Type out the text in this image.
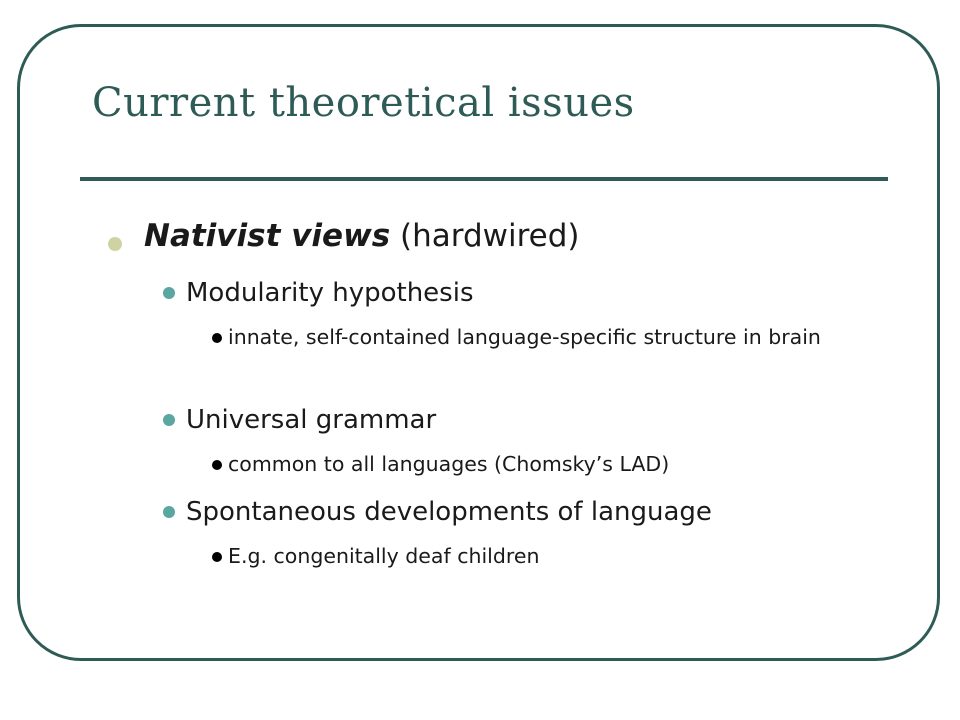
Current theoretical issues
Nativist views (hardwired)
Modularity hypothesis
innate, self-contained language-specific structure in brain
Universal grammar
common to all languages (Chomsky’s LAD)
Spontaneous developments of language
E.g. congenitally deaf children
